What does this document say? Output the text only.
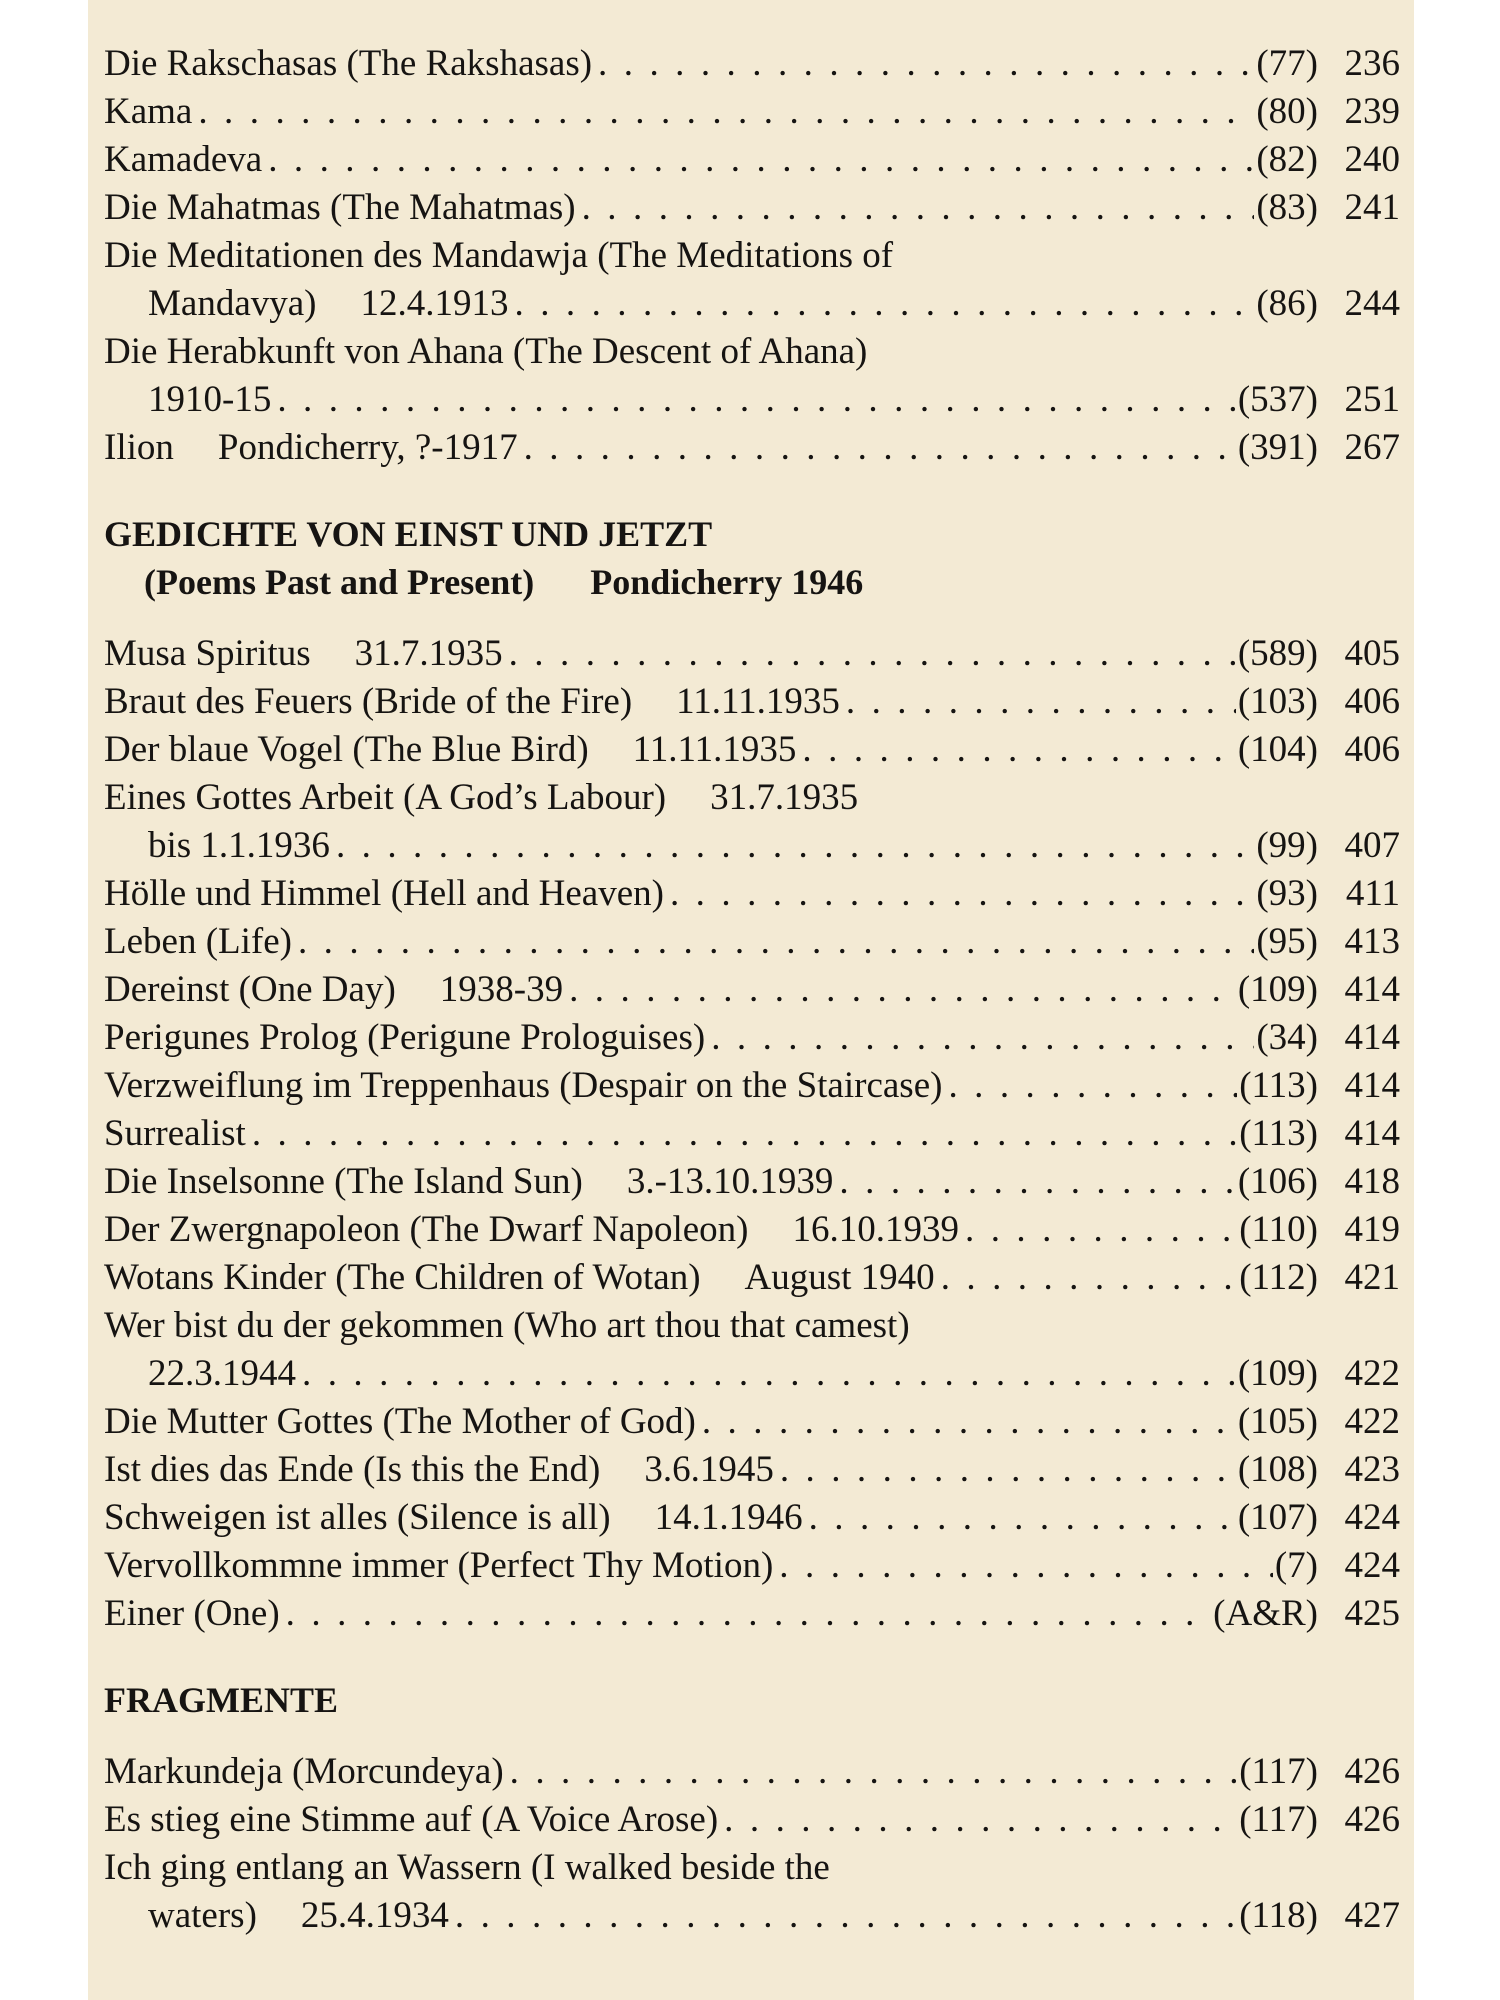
Die Rakschasas (The Rakshasas) . . .	(77) 236
Kama . . .	(80) 239
Kamadeva . . .	(82) 240
Die Mahatmas (The Mahatmas) . . .	(83) 241
Die Meditationen des Mandawja (The Meditations of
Mandavya) 12.4.1913 . . .	(86) 244
Die Herabkunft von Ahana (The Descent of Ahana)
1910-15 . . .	(537) 251
Ilion Pondicherry, ?-1917 . . .	(391) 267
GEDICHTE VON EINST UND JETZT
(Poems Past and Present) Pondicherry 1946
Musa Spiritus 31.7.1935 . . .	(589) 405
Braut des Feuers (Bride of the Fire) 11.11.1935 . . .	(103) 406
Der blaue Vogel (The Blue Bird) 11.11.1935 . . .	(104) 406
Eines Gottes Arbeit (A God’s Labour) 31.7.1935
bis 1.1.1936 . . .	(99) 407
Hölle und Himmel (Hell and Heaven) . . .	(93) 411
Leben (Life) . . .	(95) 413
Dereinst (One Day) 1938-39 . . .	(109) 414
Perigunes Prolog (Perigune Prologuises) . . .	(34) 414
Verzweiflung im Treppenhaus (Despair on the Staircase) . . .	(113) 414
Surrealist . . .	(113) 414
Die Inselsonne (The Island Sun) 3.-13.10.1939 . . .	(106) 418
Der Zwergnapoleon (The Dwarf Napoleon) 16.10.1939 . . .	(110) 419
Wotans Kinder (The Children of Wotan) August 1940 . . .	(112) 421
Wer bist du der gekommen (Who art thou that camest)
22.3.1944 . . .	(109) 422
Die Mutter Gottes (The Mother of God) . . .	(105) 422
Ist dies das Ende (Is this the End) 3.6.1945 . . .	(108) 423
Schweigen ist alles (Silence is all) 14.1.1946 . . .	(107) 424
Vervollkommne immer (Perfect Thy Motion) . . .	(7) 424
Einer (One) . . .	(A&R) 425
FRAGMENTE
Markundeja (Morcundeya) . . .	(117) 426
Es stieg eine Stimme auf (A Voice Arose) . . .	(117) 426
Ich ging entlang an Wassern (I walked beside the
waters) 25.4.1934 . . .	(118) 427
